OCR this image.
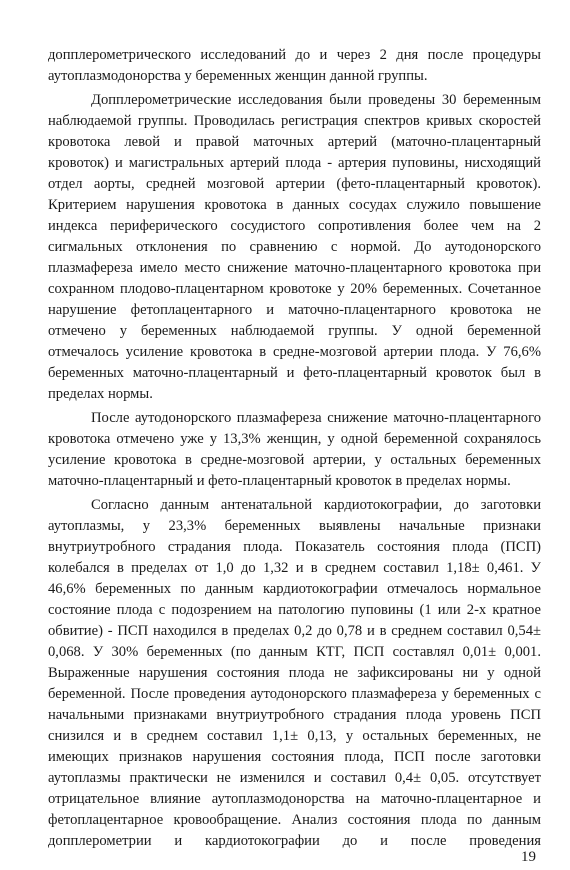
допплерометрического исследований до и через 2 дня после процедуры
аутоплазмодонорства у беременных женщин данной группы.
Допплерометрические исследования были проведены 30 беременным
наблюдаемой группы. Проводилась регистрация спектров кривых скоростей
кровотока левой и правой маточных артерий (маточно-плацентарный
кровоток) и магистральных артерий плода - артерия пуповины, нисходящий
отдел аорты, средней мозговой артерии (фето-плацентарный кровоток).
Критерием нарушения кровотока в данных сосудах служило повышение
индекса периферического сосудистого сопротивления более чем на 2
сигмальных отклонения по сравнению с нормой. До аутодонорского
плазмафереза имело место снижение маточно-плацентарного кровотока при
сохранном плодово-плацентарном кровотоке у 20% беременных. Сочетанное
нарушение фетоплацентарного и маточно-плацентарного кровотока не
отмечено у беременных наблюдаемой группы. У одной беременной
отмечалось усиление кровотока в средне-мозговой артерии плода. У 76,6%
беременных маточно-плацентарный и фето-плацентарный кровоток был в
пределах нормы.
После аутодонорского плазмафереза снижение маточно-плацентарного
кровотока отмечено уже у 13,3% женщин, у одной беременной сохранялось
усиление кровотока в средне-мозговой артерии, у остальных беременных
маточно-плацентарный и фето-плацентарный кровоток в пределах нормы.
Согласно данным антенатальной кардиотокографии, до заготовки
аутоплазмы, у 23,3% беременных выявлены начальные признаки
внутриутробного страдания плода. Показатель состояния плода (ПСП)
колебался в пределах от 1,0 до 1,32 и в среднем составил 1,18± 0,461. У
46,6% беременных по данным кардиотокографии отмечалось нормальное
состояние плода с подозрением на патологию пуповины (1 или 2-х кратное
обвитие) - ПСП находился в пределах 0,2 до 0,78 и в среднем составил 0,54±
0,068. У 30% беременных (по данным КТГ, ПСП составлял 0,01± 0,001.
Выраженные нарушения состояния плода не зафиксированы ни у одной
беременной. После проведения аутодонорского плазмафереза у беременных с
начальными признаками внутриутробного страдания плода уровень ПСП
снизился и в среднем составил 1,1± 0,13, у остальных беременных, не
имеющих признаков нарушения состояния плода, ПСП после заготовки
аутоплазмы практически не изменился и составил 0,4± 0,05. отсутствует
отрицательное влияние аутоплазмодонорства на маточно-плацентарное и
фетоплацентарное кровообращение. Анализ состояния плода по данным
допплерометрии и кардиотокографии до и после проведения
19
